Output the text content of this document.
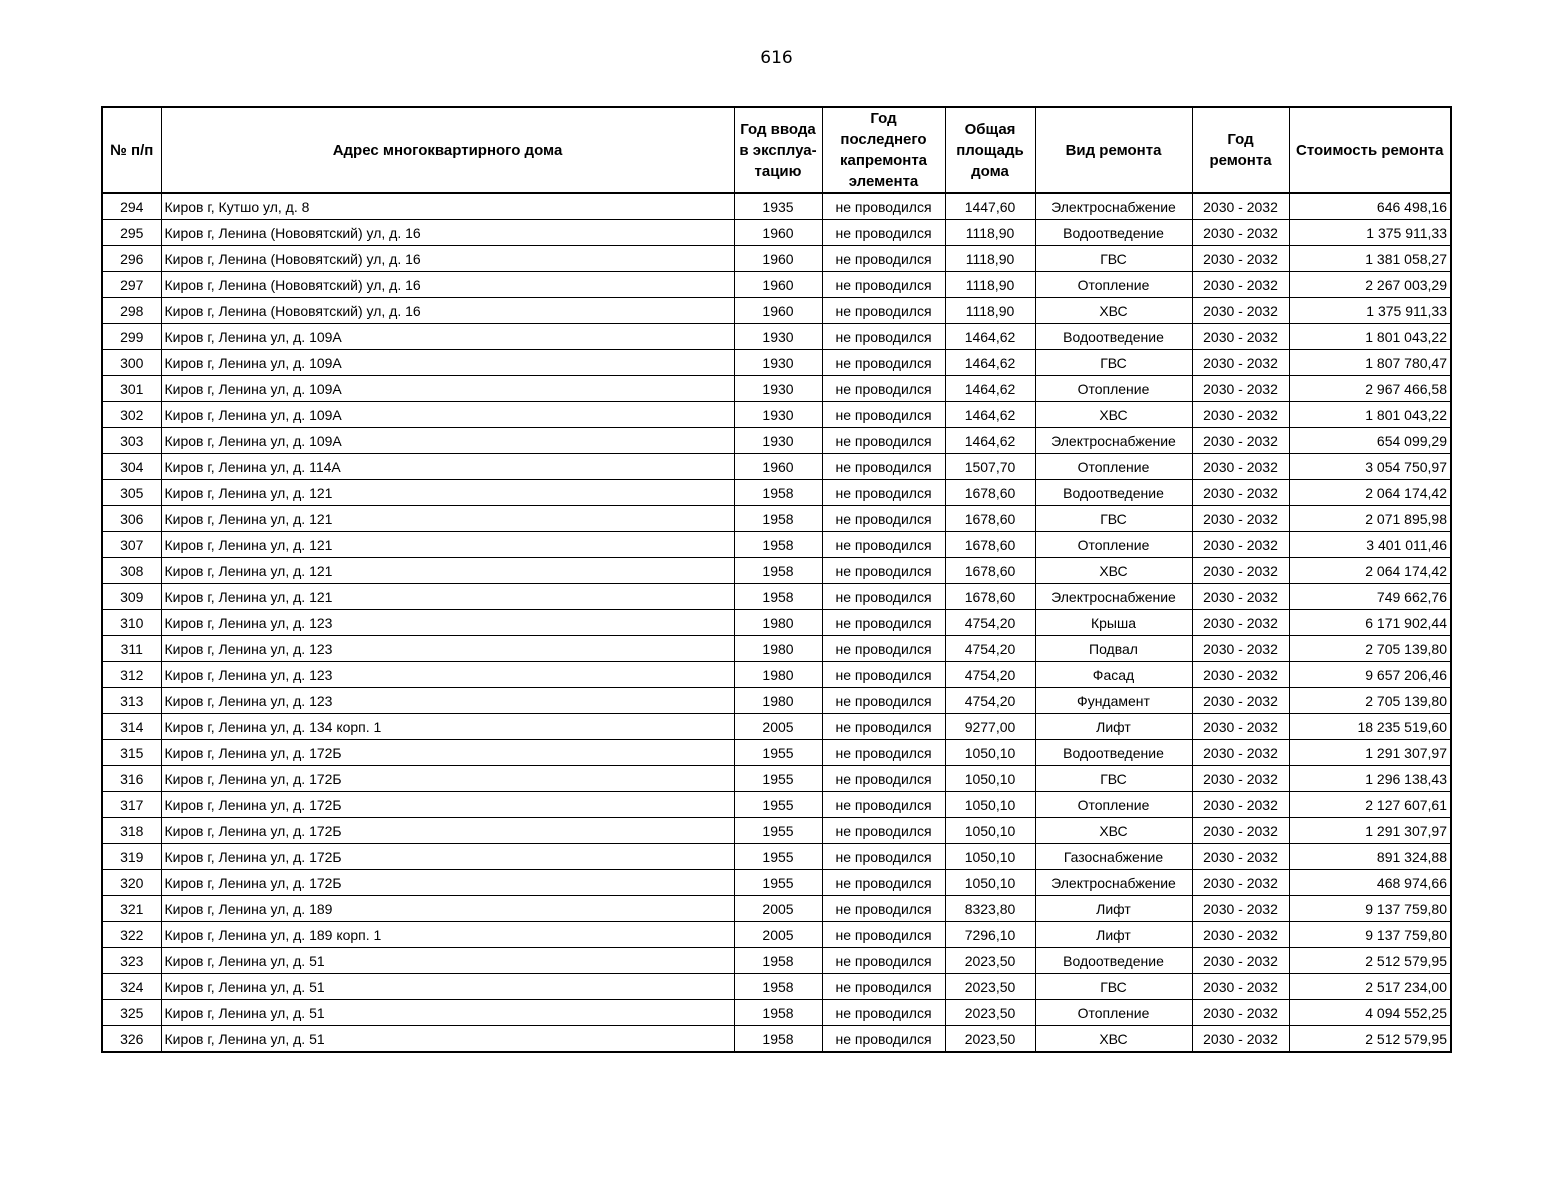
616
№ п/п	Адрес многоквартирного дома	Год ввода в эксплуа-тацию	Год последнего капремонта элемента	Общая площадь дома	Вид ремонта	Год ремонта	Стоимость ремонта
294	Киров г, Кутшо ул, д. 8	1935	не проводился	1447,60	Электроснабжение	2030 - 2032	646 498,16
295	Киров г, Ленина (Нововятский) ул, д. 16	1960	не проводился	1118,90	Водоотведение	2030 - 2032	1 375 911,33
296	Киров г, Ленина (Нововятский) ул, д. 16	1960	не проводился	1118,90	ГВС	2030 - 2032	1 381 058,27
297	Киров г, Ленина (Нововятский) ул, д. 16	1960	не проводился	1118,90	Отопление	2030 - 2032	2 267 003,29
298	Киров г, Ленина (Нововятский) ул, д. 16	1960	не проводился	1118,90	ХВС	2030 - 2032	1 375 911,33
299	Киров г, Ленина ул, д. 109А	1930	не проводился	1464,62	Водоотведение	2030 - 2032	1 801 043,22
300	Киров г, Ленина ул, д. 109А	1930	не проводился	1464,62	ГВС	2030 - 2032	1 807 780,47
301	Киров г, Ленина ул, д. 109А	1930	не проводился	1464,62	Отопление	2030 - 2032	2 967 466,58
302	Киров г, Ленина ул, д. 109А	1930	не проводился	1464,62	ХВС	2030 - 2032	1 801 043,22
303	Киров г, Ленина ул, д. 109А	1930	не проводился	1464,62	Электроснабжение	2030 - 2032	654 099,29
304	Киров г, Ленина ул, д. 114А	1960	не проводился	1507,70	Отопление	2030 - 2032	3 054 750,97
305	Киров г, Ленина ул, д. 121	1958	не проводился	1678,60	Водоотведение	2030 - 2032	2 064 174,42
306	Киров г, Ленина ул, д. 121	1958	не проводился	1678,60	ГВС	2030 - 2032	2 071 895,98
307	Киров г, Ленина ул, д. 121	1958	не проводился	1678,60	Отопление	2030 - 2032	3 401 011,46
308	Киров г, Ленина ул, д. 121	1958	не проводился	1678,60	ХВС	2030 - 2032	2 064 174,42
309	Киров г, Ленина ул, д. 121	1958	не проводился	1678,60	Электроснабжение	2030 - 2032	749 662,76
310	Киров г, Ленина ул, д. 123	1980	не проводился	4754,20	Крыша	2030 - 2032	6 171 902,44
311	Киров г, Ленина ул, д. 123	1980	не проводился	4754,20	Подвал	2030 - 2032	2 705 139,80
312	Киров г, Ленина ул, д. 123	1980	не проводился	4754,20	Фасад	2030 - 2032	9 657 206,46
313	Киров г, Ленина ул, д. 123	1980	не проводился	4754,20	Фундамент	2030 - 2032	2 705 139,80
314	Киров г, Ленина ул, д. 134 корп. 1	2005	не проводился	9277,00	Лифт	2030 - 2032	18 235 519,60
315	Киров г, Ленина ул, д. 172Б	1955	не проводился	1050,10	Водоотведение	2030 - 2032	1 291 307,97
316	Киров г, Ленина ул, д. 172Б	1955	не проводился	1050,10	ГВС	2030 - 2032	1 296 138,43
317	Киров г, Ленина ул, д. 172Б	1955	не проводился	1050,10	Отопление	2030 - 2032	2 127 607,61
318	Киров г, Ленина ул, д. 172Б	1955	не проводился	1050,10	ХВС	2030 - 2032	1 291 307,97
319	Киров г, Ленина ул, д. 172Б	1955	не проводился	1050,10	Газоснабжение	2030 - 2032	891 324,88
320	Киров г, Ленина ул, д. 172Б	1955	не проводился	1050,10	Электроснабжение	2030 - 2032	468 974,66
321	Киров г, Ленина ул, д. 189	2005	не проводился	8323,80	Лифт	2030 - 2032	9 137 759,80
322	Киров г, Ленина ул, д. 189 корп. 1	2005	не проводился	7296,10	Лифт	2030 - 2032	9 137 759,80
323	Киров г, Ленина ул, д. 51	1958	не проводился	2023,50	Водоотведение	2030 - 2032	2 512 579,95
324	Киров г, Ленина ул, д. 51	1958	не проводился	2023,50	ГВС	2030 - 2032	2 517 234,00
325	Киров г, Ленина ул, д. 51	1958	не проводился	2023,50	Отопление	2030 - 2032	4 094 552,25
326	Киров г, Ленина ул, д. 51	1958	не проводился	2023,50	ХВС	2030 - 2032	2 512 579,95
